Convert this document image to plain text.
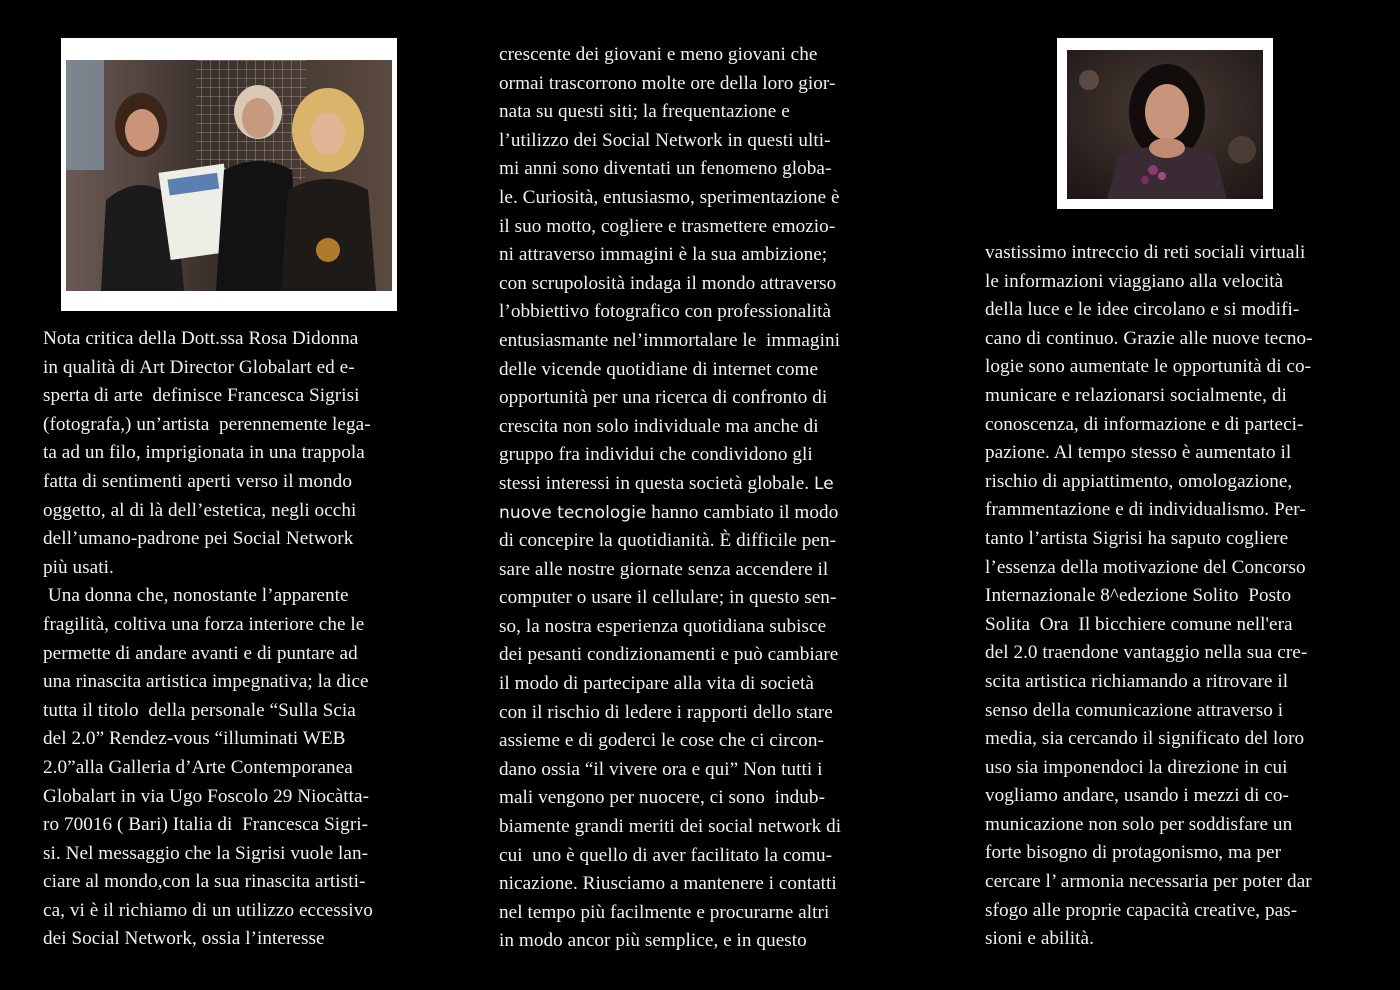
Nota critica della Dott.ssa Rosa Didonna
in qualità di Art Director Globalart ed e-
sperta di arte  definisce Francesca Sigrisi
(fotografa,) un’artista  perennemente lega-
ta ad un filo, imprigionata in una trappola
fatta di sentimenti aperti verso il mondo
oggetto, al di là dell’estetica, negli occhi
dell’umano-padrone pei Social Network
più usati.
Una donna che, nonostante l’apparente
fragilità, coltiva una forza interiore che le
permette di andare avanti e di puntare ad
una rinascita artistica impegnativa; la dice
tutta il titolo  della personale “Sulla Scia
del 2.0” Rendez-vous “illuminati WEB
2.0”alla Galleria d’Arte Contemporanea
Globalart in via Ugo Foscolo 29 Niocàtta-
ro 70016 ( Bari) Italia di  Francesca Sigri-
si. Nel messaggio che la Sigrisi vuole lan-
ciare al mondo,con la sua rinascita artisti-
ca, vi è il richiamo di un utilizzo eccessivo
dei Social Network, ossia l’interesse
crescente dei giovani e meno giovani che
ormai trascorrono molte ore della loro gior-
nata su questi siti; la frequentazione e
l’utilizzo dei Social Network in questi ulti-
mi anni sono diventati un fenomeno globa-
le. Curiosità, entusiasmo, sperimentazione è
il suo motto, cogliere e trasmettere emozio-
ni attraverso immagini è la sua ambizione;
con scrupolosità indaga il mondo attraverso
l’obbiettivo fotografico con professionalità
entusiasmante nel’immortalare le  immagini
delle vicende quotidiane di internet come
opportunità per una ricerca di confronto di
crescita non solo individuale ma anche di
gruppo fra individui che condividono gli
stessi interessi in questa società globale. Le
nuove tecnologie hanno cambiato il modo
di concepire la quotidianità. È difficile pen-
sare alle nostre giornate senza accendere il
computer o usare il cellulare; in questo sen-
so, la nostra esperienza quotidiana subisce
dei pesanti condizionamenti e può cambiare
il modo di partecipare alla vita di società
con il rischio di ledere i rapporti dello stare
assieme e di goderci le cose che ci circon-
dano ossia “il vivere ora e qui” Non tutti i
mali vengono per nuocere, ci sono  indub-
biamente grandi meriti dei social network di
cui  uno è quello di aver facilitato la comu-
nicazione. Riusciamo a mantenere i contatti
nel tempo più facilmente e procurarne altri
in modo ancor più semplice, e in questo
vastissimo intreccio di reti sociali virtuali
le informazioni viaggiano alla velocità
della luce e le idee circolano e si modifi-
cano di continuo. Grazie alle nuove tecno-
logie sono aumentate le opportunità di co-
municare e relazionarsi socialmente, di
conoscenza, di informazione e di parteci-
pazione. Al tempo stesso è aumentato il
rischio di appiattimento, omologazione,
frammentazione e di individualismo. Per-
tanto l’artista Sigrisi ha saputo cogliere
l’essenza della motivazione del Concorso
Internazionale 8^edezione Solito  Posto
Solita  Ora  Il bicchiere comune nell'era
del 2.0 traendone vantaggio nella sua cre-
scita artistica richiamando a ritrovare il
senso della comunicazione attraverso i
media, sia cercando il significato del loro
uso sia imponendoci la direzione in cui
vogliamo andare, usando i mezzi di co-
municazione non solo per soddisfare un
forte bisogno di protagonismo, ma per
cercare l’ armonia necessaria per poter dar
sfogo alle proprie capacità creative, pas-
sioni e abilità.
